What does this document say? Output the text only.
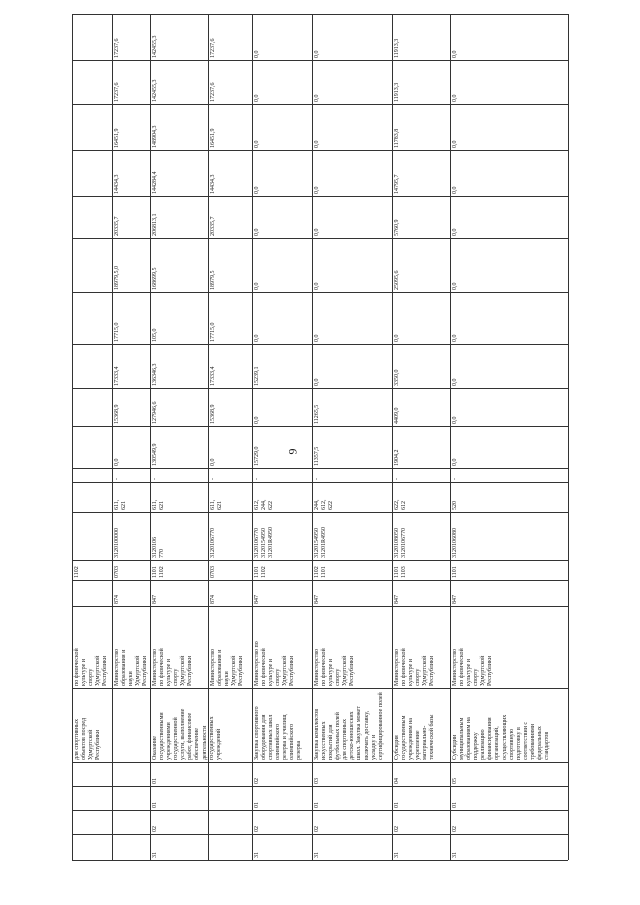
9
для спортивных объектов посред Удмуртской Республики
по физической культуре и спорту Удмуртской Республики
1102
Министерство образования и науки Удмуртской Республики
874
0703
3120100000
611, 621
-
0,0
15368,9
17333,4
17715,0
18979,5,0
20335,7
14434,3
16451,9
17237,6
17237,6
31
02
01
01
Оказание государственными учреждениями государственной услуги, выполнение работ, финансовое обеспечение деятельности государственных учреждений
Министерство по физической культуре и спорту Удмуртской Республики
847
1101 1102
3120106 770
611, 621
-
130549,9
127946,6
136346,3
105,0
168699,5
206813,1
144284,4
148904,3
142455,3
142455,3
Министерство образования и науки Удмуртской Республики
874
0703
3120106770
611, 621
-
0,0
15368,9
17333,4
17715,0
18979,5
20335,7
14434,3
16451,9
17237,6
17237,6
31
02
01
02
Закупка спортивного оборудования для спортивных школ олимпийского резерва и училищ олимпийского резерва
Министерство по по физической культуре и спорту Удмуртской Республики
847
1101 1102
3120106770 3120154950 31201R4950
612, 244, 622
-
15729,0
0,0
15239,1
0,0
0,0
0,0
0,0
0,0
0,0
0,0
31
02
01
03
Закупка комплектов искусственных покрытий для футбольных полей для спортивных детско-юношеских школ. Закупка может включать доставку, укладку и сертифицированное полей
Министерство по физической культуре и спорту Удмуртской Республики
847
1102 1101
3120154950 31201R4950
244, 612, 622
-
11357,5
11265,5
0,0
0,0
0,0
0,0
0,0
0,0
0,0
0,0
31
02
01
04
Субсидия государственным учреждениям на укрепление материально- технической базы
Министерство по физической культуре и спорту Удмуртской Республики
847
1101 1103
3120108050 3120106770
622, 612
-
1904,2
4409,0
3350,0
0,0
25095,6
5760,9
14795,7
11783,8
11913,3
11913,3
31
02
01
05
Субсидии муниципальным образованиям на поддержку реализацию финансирования организаций, осуществляющих спортивную подготовку в соответствии с требованиями федеральных стандартов
Министерство по физической культуре и спорту Удмуртской Республики
847
1101
3120106080
520
-
0,0
0,0
0,0
0,0
0,0
0,0
0,0
0,0
0,0
0,0
